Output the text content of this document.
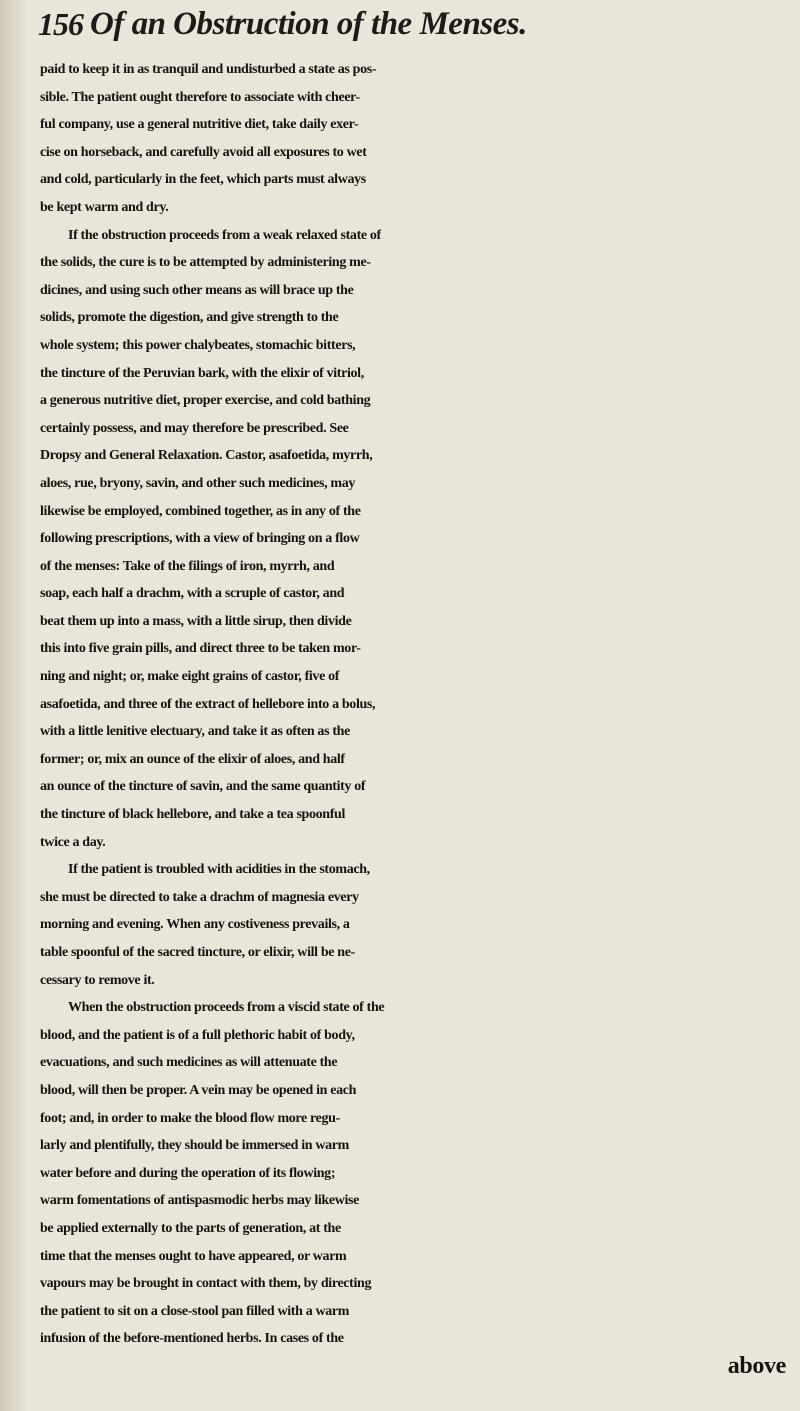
156 Of an Obstruction of the Menses.
paid to keep it in as tranquil and undisturbed a state as pos-
sible. The patient ought therefore to associate with cheer-
ful company, use a general nutritive diet, take daily exer-
cise on horseback, and carefully avoid all exposures to wet
and cold, particularly in the feet, which parts must always
be kept warm and dry.
If the obstruction proceeds from a weak relaxed state of
the solids, the cure is to be attempted by administering me-
dicines, and using such other means as will brace up the
solids, promote the digestion, and give strength to the
whole system; this power chalybeates, stomachic bitters,
the tincture of the Peruvian bark, with the elixir of vitriol,
a generous nutritive diet, proper exercise, and cold bathing
certainly possess, and may therefore be prescribed. See
Dropsy and General Relaxation. Castor, asafoetida, myrrh,
aloes, rue, bryony, savin, and other such medicines, may
likewise be employed, combined together, as in any of the
following prescriptions, with a view of bringing on a flow
of the menses: Take of the filings of iron, myrrh, and
soap, each half a drachm, with a scruple of castor, and
beat them up into a mass, with a little sirup, then divide
this into five grain pills, and direct three to be taken mor-
ning and night; or, make eight grains of castor, five of
asafoetida, and three of the extract of hellebore into a bolus,
with a little lenitive electuary, and take it as often as the
former; or, mix an ounce of the elixir of aloes, and half
an ounce of the tincture of savin, and the same quantity of
the tincture of black hellebore, and take a tea spoonful
twice a day.
If the patient is troubled with acidities in the stomach,
she must be directed to take a drachm of magnesia every
morning and evening. When any costiveness prevails, a
table spoonful of the sacred tincture, or elixir, will be ne-
cessary to remove it.
When the obstruction proceeds from a viscid state of the
blood, and the patient is of a full plethoric habit of body,
evacuations, and such medicines as will attenuate the
blood, will then be proper. A vein may be opened in each
foot; and, in order to make the blood flow more regu-
larly and plentifully, they should be immersed in warm
water before and during the operation of its flowing;
warm fomentations of antispasmodic herbs may likewise
be applied externally to the parts of generation, at the
time that the menses ought to have appeared, or warm
vapours may be brought in contact with them, by directing
the patient to sit on a close-stool pan filled with a warm
infusion of the before-mentioned herbs. In cases of the
above
